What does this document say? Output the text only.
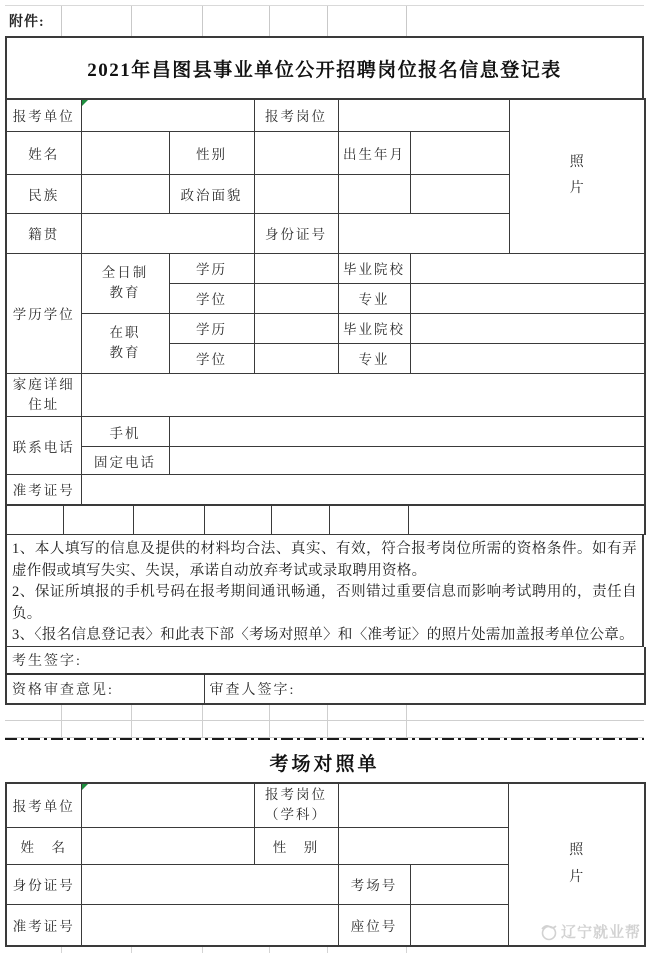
附件:
2021年昌图县事业单位公开招聘岗位报名信息登记表
报考单位			报考岗位			照片
姓名		性别		出生年月		
民族		政治面貌				
籍贯			身份证号			
学历学位	全日制教育	学历		毕业院校		
		学位		专业		
	在职教育	学历		毕业院校		
		学位		专业		
家庭详细住址						
联系电话	手机					
	固定电话					
准考证号						

1、本人填写的信息及提供的材料均合法、真实、有效，符合报考岗位所需的资格条件。如有弄虚作假或填写失实、失误，承诺自动放弃考试或录取聘用资格。

2、保证所填报的手机号码在报考期间通讯畅通，否则错过重要信息而影响考试聘用的，责任自负。

3、〈报名信息登记表〉和此表下部〈考场对照单〉和〈准考证〉的照片处需加盖报考单位公章。

考生签字:
资格审查意见:	审查人签字:
考场对照单
报考单位		报考岗位（学科）			照片
辽宁就业帮

姓　名		性　别			
身份证号			考场号		
准考证号			座位号		
